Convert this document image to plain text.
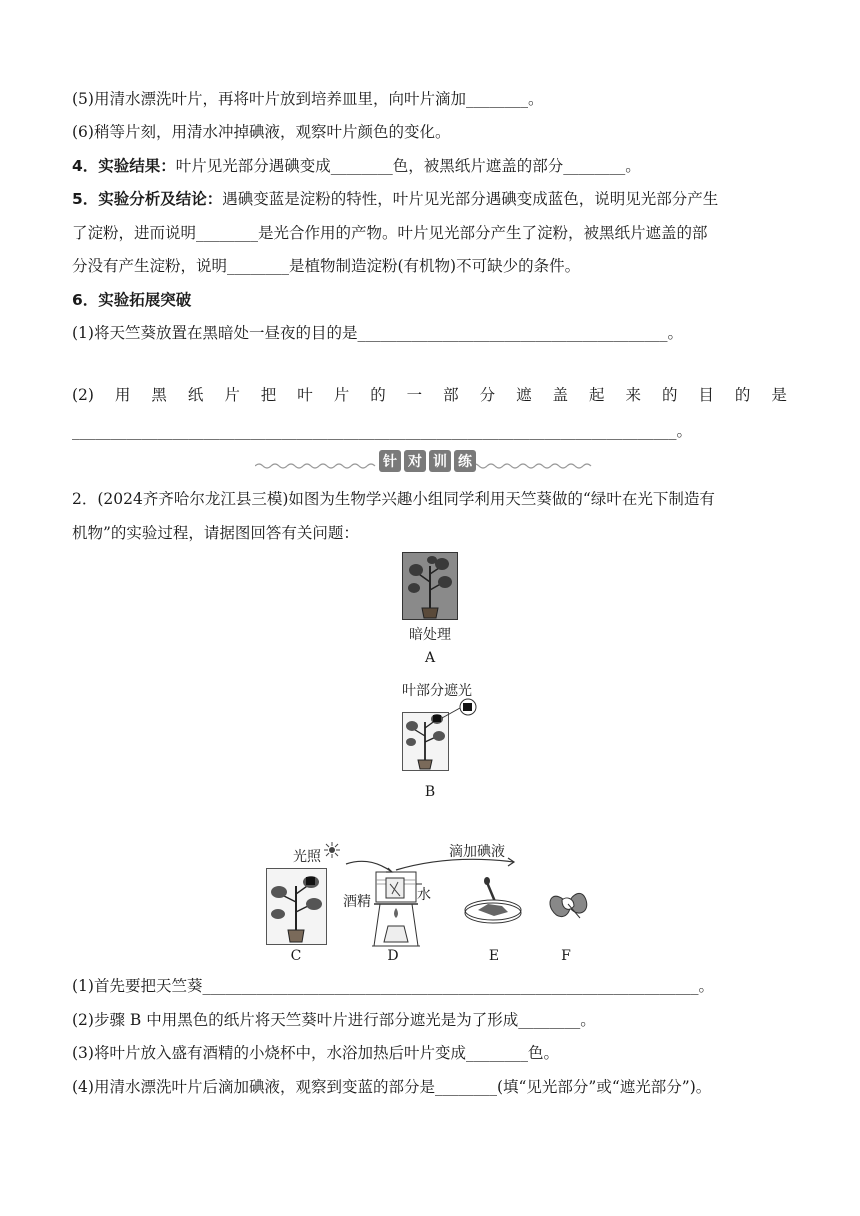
(5)用清水漂洗叶片，再将叶片放到培养皿里，向叶片滴加________。
(6)稍等片刻，用清水冲掉碘液，观察叶片颜色的变化。
4．实验结果：叶片见光部分遇碘变成________色，被黑纸片遮盖的部分________。
5．实验分析及结论：遇碘变蓝是淀粉的特性，叶片见光部分遇碘变成蓝色，说明见光部分产生
了淀粉，进而说明________是光合作用的产物。叶片见光部分产生了淀粉，被黑纸片遮盖的部
分没有产生淀粉，说明________是植物制造淀粉(有机物)不可缺少的条件。
6．实验拓展突破
(1)将天竺葵放置在黑暗处一昼夜的目的是________________________________________。
(2) 用 黑 纸 片 把 叶 片 的 一 部 分 遮 盖 起 来 的 目 的 是
______________________________________________________________________________。
针 对 训 练
2．(2024齐齐哈尔龙江县三模)如图为生物学兴趣小组同学利用天竺葵做的“绿叶在光下制造有
机物”的实验过程，请据图回答有关问题：
暗处理
A
叶部分遮光
B
光照	滴加碘液
酒精	水
C	D	E	F
(1)首先要把天竺葵________________________________________________________________。
(2)步骤 B 中用黑色的纸片将天竺葵叶片进行部分遮光是为了形成________。
(3)将叶片放入盛有酒精的小烧杯中，水浴加热后叶片变成________色。
(4)用清水漂洗叶片后滴加碘液，观察到变蓝的部分是________(填“见光部分”或“遮光部分”)。
